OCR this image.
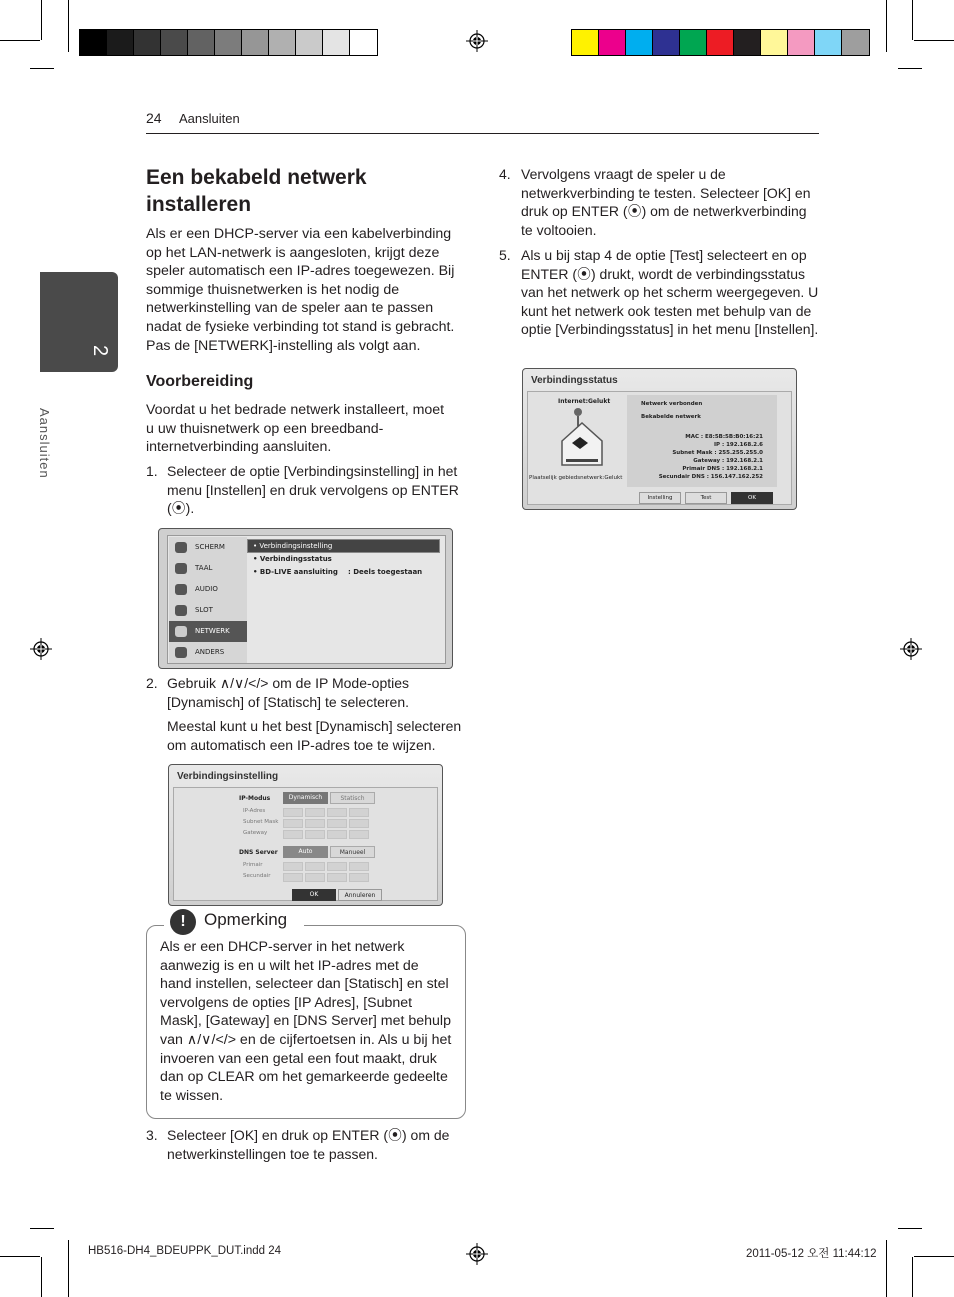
24 Aansluiten
2
Aansluiten
Een bekabeld netwerk installeren
Als er een DHCP-server via een kabelverbinding op het LAN-netwerk is aangesloten, krijgt deze speler automatisch een IP-adres toegewezen. Bij sommige thuisnetwerken is het nodig de netwerkinstelling van de speler aan te passen nadat de fysieke verbinding tot stand is gebracht. Pas de [NETWERK]-instelling als volgt aan.
Voorbereiding
Voordat u het bedrade netwerk installeert, moet u uw thuisnetwerk op een breedband-internetverbinding aansluiten.
1. Selecteer de optie [Verbindingsinstelling] in het menu [Instellen] en druk vervolgens op ENTER (⦿).
SCHERM
TAAL
AUDIO
SLOT
NETWERK
ANDERS
• Verbindingsinstelling
• Verbindingsstatus
• BD-LIVE aansluiting	: Deels toegestaan
2. Gebruik ∧/∨/</> om de IP Mode-opties [Dynamisch] of [Statisch] te selecteren.
Meestal kunt u het best [Dynamisch] selecteren om automatisch een IP-adres toe te wijzen.
Verbindingsinstelling
IP-Modus	Dynamisch	Statisch
IP-Adres
Subnet Mask
Gateway
DNS Server	Auto	Manueel
Primair
Secundair
OK	Annuleren
!	Opmerking
Als er een DHCP-server in het netwerk aanwezig is en u wilt het IP-adres met de hand instellen, selecteer dan [Statisch] en stel vervolgens de opties [IP Adres], [Subnet Mask], [Gateway] en [DNS Server] met behulp van ∧/∨/</> en de cijfertoetsen in. Als u bij het invoeren van een getal een fout maakt, druk dan op CLEAR om het gemarkeerde gedeelte te wissen.
3. Selecteer [OK] en druk op ENTER (⦿) om de netwerkinstellingen toe te passen.
4. Vervolgens vraagt de speler u de netwerkverbinding te testen. Selecteer [OK] en druk op ENTER (⦿) om de netwerkverbinding te voltooien.
5. Als u bij stap 4 de optie [Test] selecteert en op ENTER (⦿) drukt, wordt de verbindingsstatus van het netwerk op het scherm weergegeven. U kunt het netwerk ook testen met behulp van de optie [Verbindingsstatus] in het menu [Instellen].
Verbindingsstatus
Internet:Gelukt
Plaatselijk gebiedsnetwerk:Gelukt
Netwerk verbonden
Bekabelde netwerk
MAC : E8:5B:5B:B0:16:21
IP : 192.168.2.6
Subnet Mask : 255.255.255.0
Gateway : 192.168.2.1
Primair DNS : 192.168.2.1
Secundair DNS : 156.147.162.252
Instelling	Test	OK
HB516-DH4_BDEUPPK_DUT.indd 24	2011-05-12 오전 11:44:12
